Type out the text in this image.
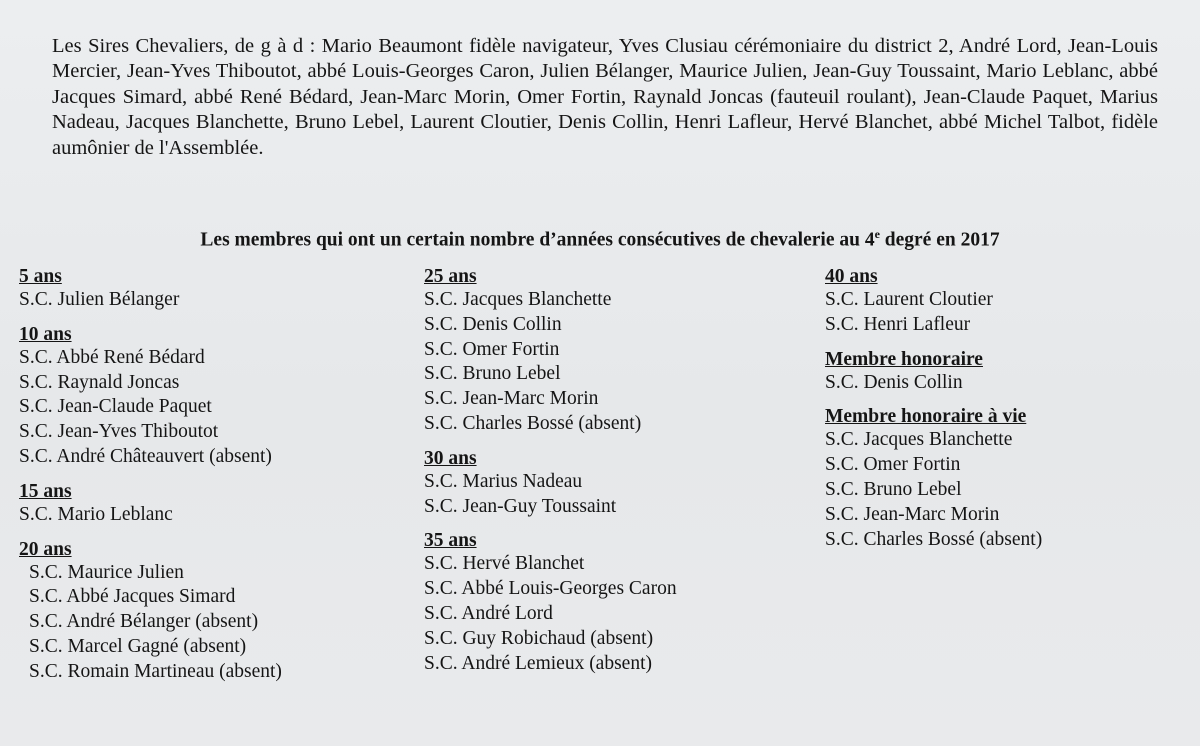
Les Sires Chevaliers, de g à d : Mario Beaumont fidèle navigateur, Yves Clusiau cérémoniaire du district 2, André Lord, Jean-Louis Mercier, Jean-Yves Thiboutot, abbé Louis-Georges Caron, Julien Bélanger, Maurice Julien, Jean-Guy Toussaint, Mario Leblanc, abbé Jacques Simard, abbé René Bédard, Jean-Marc Morin, Omer Fortin, Raynald Joncas (fauteuil roulant), Jean-Claude Paquet, Marius Nadeau, Jacques Blanchette, Bruno Lebel, Laurent Cloutier, Denis Collin, Henri Lafleur, Hervé Blanchet, abbé Michel Talbot, fidèle aumônier de l'Assemblée.

Les membres qui ont un certain nombre d’années consécutives de chevalerie au 4e degré en 2017
5 ans
S.C. Julien Bélanger
10 ans
S.C. Abbé René Bédard
S.C. Raynald Joncas
S.C. Jean-Claude Paquet
S.C. Jean-Yves Thiboutot
S.C. André Châteauvert (absent)
15 ans
S.C. Mario Leblanc
20 ans
S.C. Maurice Julien
S.C. Abbé Jacques Simard
S.C. André Bélanger (absent)
S.C. Marcel Gagné (absent)
S.C. Romain Martineau (absent)
25 ans
S.C. Jacques Blanchette
S.C. Denis Collin
S.C. Omer Fortin
S.C. Bruno Lebel
S.C. Jean-Marc Morin
S.C. Charles Bossé (absent)
30 ans
S.C. Marius Nadeau
S.C. Jean-Guy Toussaint
35 ans
S.C. Hervé Blanchet
S.C. Abbé Louis-Georges Caron
S.C. André Lord
S.C. Guy Robichaud (absent)
S.C. André Lemieux (absent)
40 ans
S.C. Laurent Cloutier
S.C. Henri Lafleur
Membre honoraire
S.C. Denis Collin
Membre honoraire à vie
S.C. Jacques Blanchette
S.C. Omer Fortin
S.C. Bruno Lebel
S.C. Jean-Marc Morin
S.C. Charles Bossé (absent)
